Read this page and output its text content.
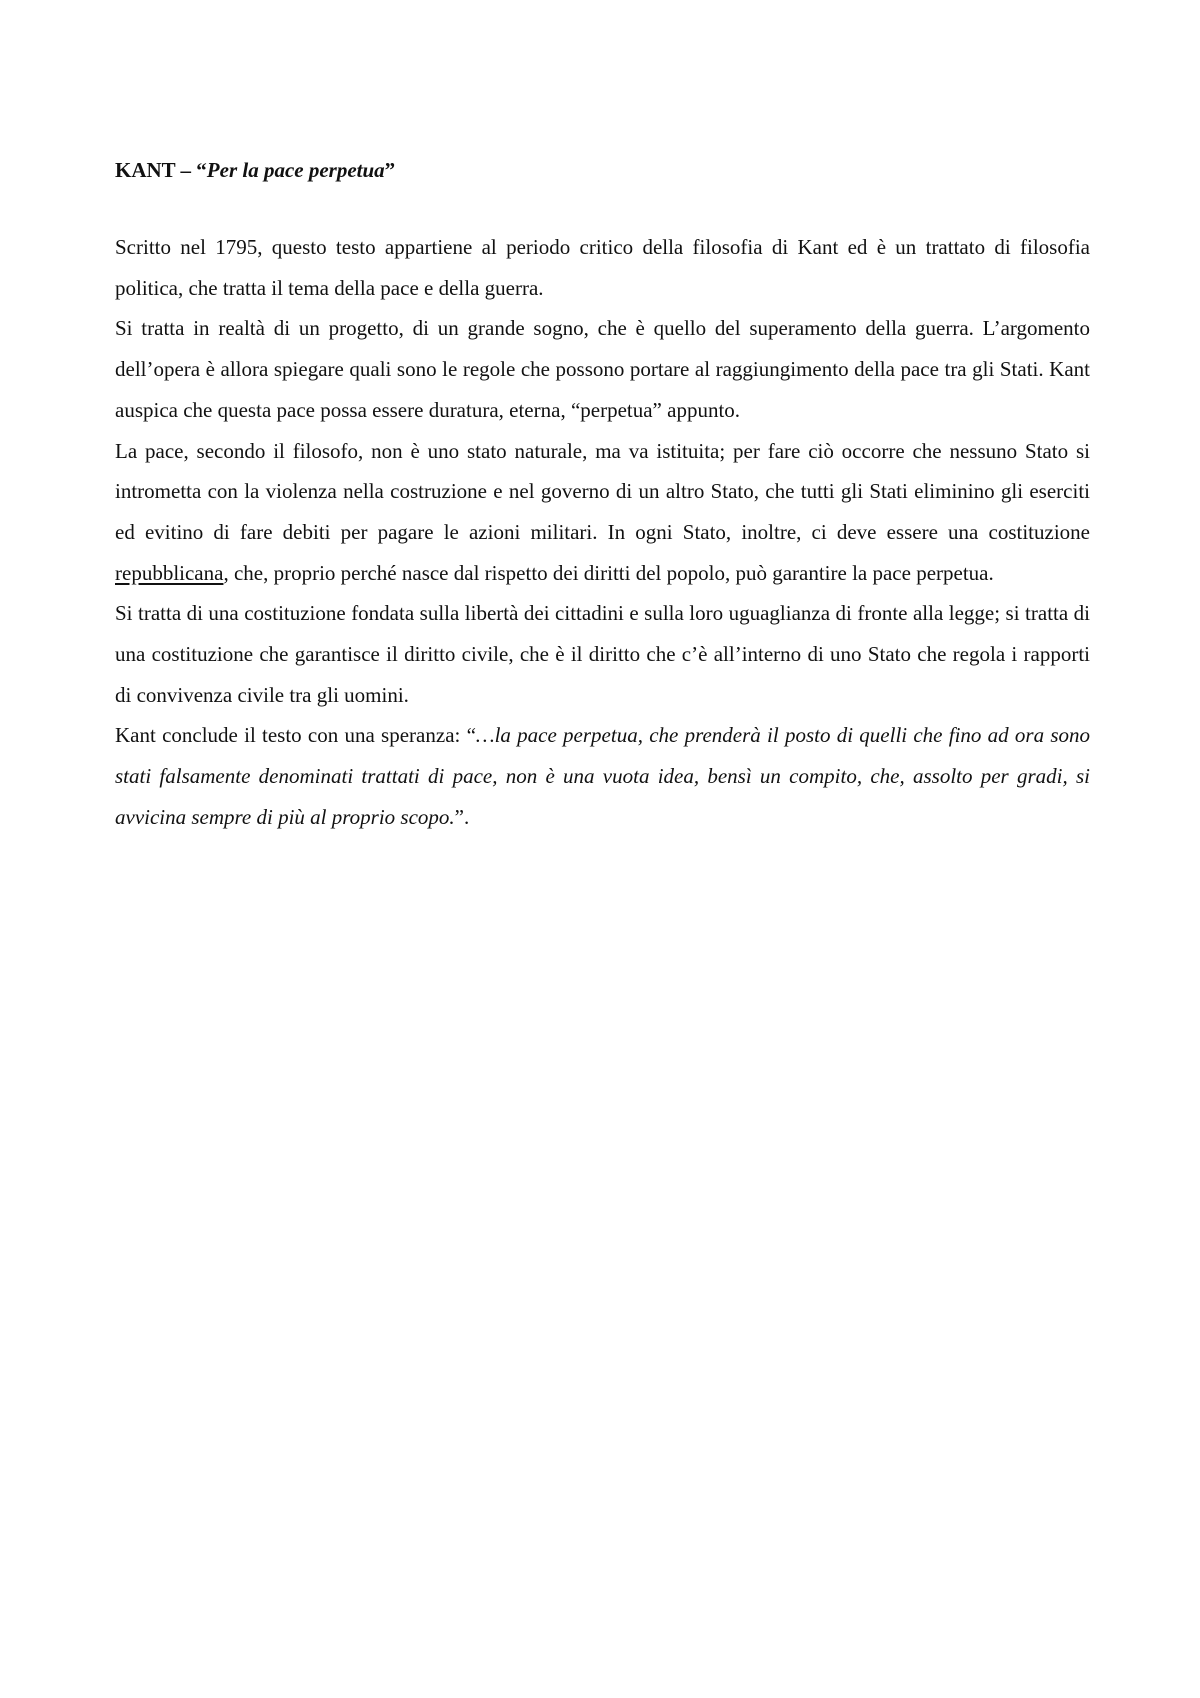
KANT – “Per la pace perpetua”

Scritto nel 1795, questo testo appartiene al periodo critico della filosofia di Kant ed è un trattato di filosofia politica, che tratta il tema della pace e della guerra.

Si tratta in realtà di un progetto, di un grande sogno, che è quello del superamento della guerra. L’argomento dell’opera è allora spiegare quali sono le regole che possono portare al raggiungimento della pace tra gli Stati. Kant auspica che questa pace possa essere duratura, eterna, “perpetua” appunto.

La pace, secondo il filosofo, non è uno stato naturale, ma va istituita; per fare ciò occorre che nessuno Stato si intrometta con la violenza nella costruzione e nel governo di un altro Stato, che tutti gli Stati eliminino gli eserciti ed evitino di fare debiti per pagare le azioni militari. In ogni Stato, inoltre, ci deve essere una costituzione repubblicana, che, proprio perché nasce dal rispetto dei diritti del popolo, può garantire la pace perpetua.

Si tratta di una costituzione fondata sulla libertà dei cittadini e sulla loro uguaglianza di fronte alla legge; si tratta di una costituzione che garantisce il diritto civile, che è il diritto che c’è all’interno di uno Stato che regola i rapporti di convivenza civile tra gli uomini.

Kant conclude il testo con una speranza: “…la pace perpetua, che prenderà il posto di quelli che fino ad ora sono stati falsamente denominati trattati di pace, non è una vuota idea, bensì un compito, che, assolto per gradi, si avvicina sempre di più al proprio scopo.”.
